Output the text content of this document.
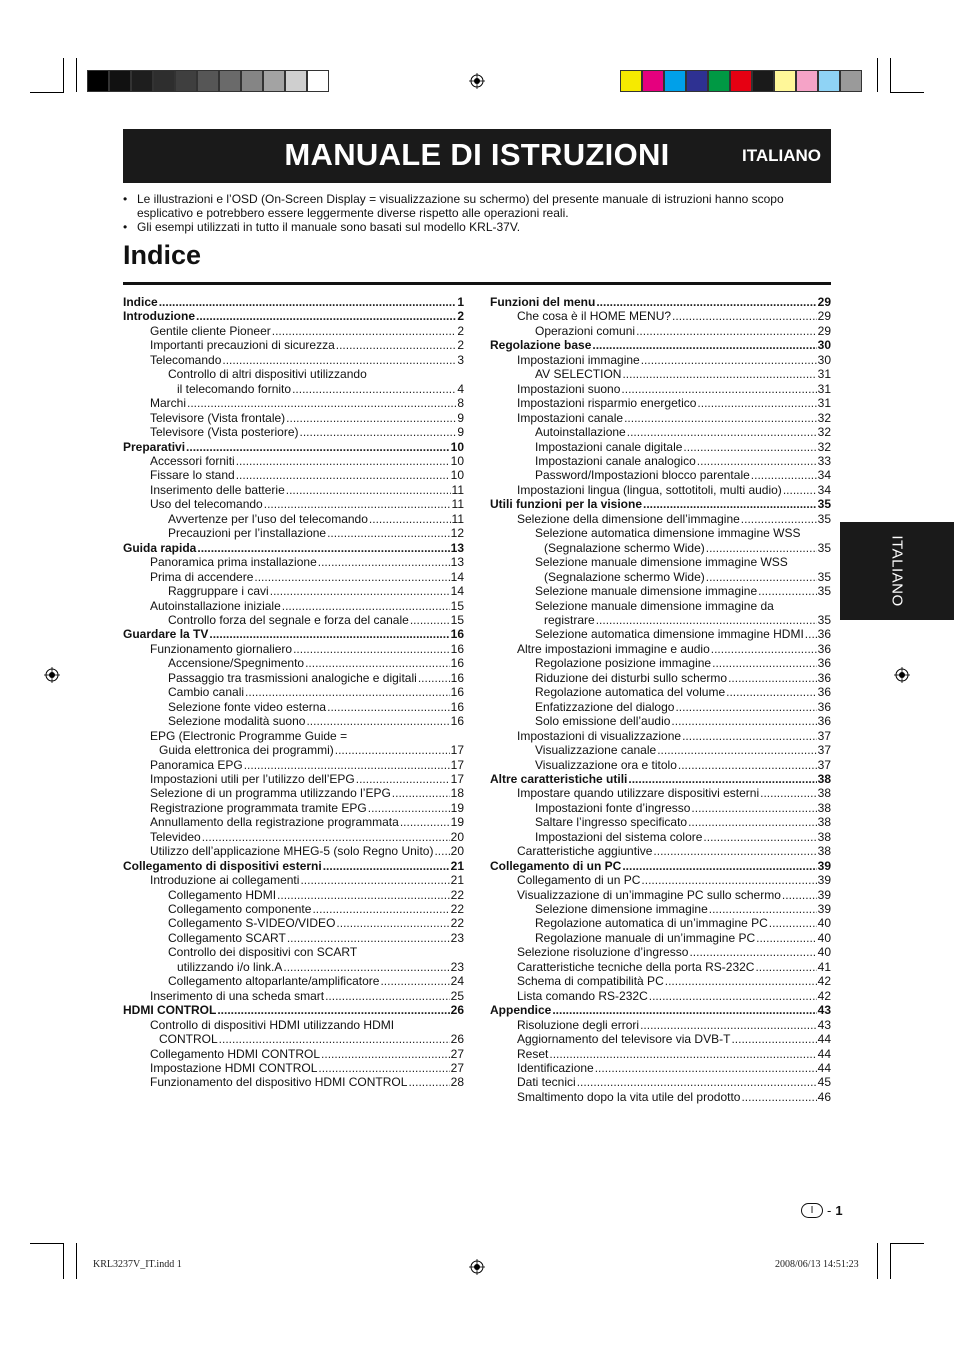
MANUALE DI ISTRUZIONI	ITALIANO
• Le illustrazioni e l’OSD (On-Screen Display = visualizzazione su schermo) del presente manuale di istruzioni hanno scopo esplicativo e potrebbero essere leggermente diverse rispetto alle operazioni reali.
• Gli esempi utilizzati in tutto il manuale sono basati sul modello KRL-37V.
Indice
Indice .....	1
Introduzione .....	2
Gentile cliente Pioneer .....	2
Importanti precauzioni di sicurezza .....	2
Telecomando .....	3
Controllo di altri dispositivi utilizzando
il telecomando fornito .....	4
Marchi .....	8
Televisore (Vista frontale) .....	9
Televisore (Vista posteriore) .....	9
Preparativi .....	10
Accessori forniti .....	10
Fissare lo stand .....	10
Inserimento delle batterie .....	11
Uso del telecomando .....	11
Avvertenze per l’uso del telecomando .....	11
Precauzioni per l’installazione .....	12
Guida rapida .....	13
Panoramica prima installazione .....	13
Prima di accendere .....	14
Raggruppare i cavi .....	14
Autoinstallazione iniziale .....	15
Controllo forza del segnale e forza del canale .....	15
Guardare la TV .....	16
Funzionamento giornaliero .....	16
Accensione/Spegnimento .....	16
Passaggio tra trasmissioni analogiche e digitali .....	16
Cambio canali .....	16
Selezione fonte video esterna .....	16
Selezione modalità suono .....	16
EPG (Electronic Programme Guide =
Guida elettronica dei programmi) .....	17
Panoramica EPG .....	17
Impostazioni utili per l’utilizzo dell’EPG .....	17
Selezione di un programma utilizzando l’EPG .....	18
Registrazione programmata tramite EPG .....	19
Annullamento della registrazione programmata .....	19
Televideo .....	20
Utilizzo dell’applicazione MHEG-5 (solo Regno Unito) ..... 20
Collegamento di dispositivi esterni .....	21
Introduzione ai collegamenti .....	21
Collegamento HDMI .....	22
Collegamento componente .....	22
Collegamento S-VIDEO/VIDEO .....	22
Collegamento SCART .....	23
Controllo dei dispositivi con SCART
utilizzando i/o link.A .....	23
Collegamento altoparlante/amplificatore .....	24
Inserimento di una scheda smart .....	25
HDMI CONTROL .....	26
Controllo di dispositivi HDMI utilizzando HDMI
CONTROL .....	26
Collegamento HDMI CONTROL .....	27
Impostazione HDMI CONTROL .....	27
Funzionamento del dispositivo HDMI CONTROL .....	28
Funzioni del menu .....	29
Che cosa è il HOME MENU? .....	29
Operazioni comuni .....	29
Regolazione base .....	30
Impostazioni immagine .....	30
AV SELECTION .....	31
Impostazioni suono .....	31
Impostazioni risparmio energetico .....	31
Impostazioni canale .....	32
Autoinstallazione .....	32
Impostazioni canale digitale .....	32
Impostazioni canale analogico .....	33
Password/Impostazioni blocco parentale .....	34
Impostazioni lingua (lingua, sottotitoli, multi audio) .....	34
Utili funzioni per la visione .....	35
Selezione della dimensione dell’immagine .....	35
Selezione automatica dimensione immagine WSS
(Segnalazione schermo Wide) .....	35
Selezione manuale dimensione immagine WSS
(Segnalazione schermo Wide) .....	35
Selezione manuale dimensione immagine .....	35
Selezione manuale dimensione immagine da
registrare .....	35
Selezione automatica dimensione immagine HDMI ..... 36
Altre impostazioni immagine e audio .....	36
Regolazione posizione immagine .....	36
Riduzione dei disturbi sullo schermo .....	36
Regolazione automatica del volume .....	36
Enfatizzazione del dialogo .....	36
Solo emissione dell’audio .....	36
Impostazioni di visualizzazione .....	37
Visualizzazione canale .....	37
Visualizzazione ora e titolo .....	37
Altre caratteristiche utili .....	38
Impostare quando utilizzare dispositivi esterni .....	38
Impostazioni fonte d’ingresso .....	38
Saltare l’ingresso specificato .....	38
Impostazioni del sistema colore .....	38
Caratteristiche aggiuntive .....	38
Collegamento di un PC .....	39
Collegamento di un PC .....	39
Visualizzazione di un’immagine PC sullo schermo .....	39
Selezione dimensione immagine .....	39
Regolazione automatica di un’immagine PC .....	40
Regolazione manuale di un’immagine PC .....	40
Selezione risoluzione d’ingresso .....	40
Caratteristiche tecniche della porta RS-232C .....	41
Schema di compatibilità PC .....	42
Lista comando RS-232C .....	42
Appendice .....	43
Risoluzione degli errori .....	43
Aggiornamento del televisore via DVB-T .....	44
Reset .....	44
Identificazione .....	44
Dati tecnici .....	45
Smaltimento dopo la vita utile del prodotto .....	46
ITALIANO
I	- 1
KRL3237V_IT.indd 1	2008/06/13 14:51:23
